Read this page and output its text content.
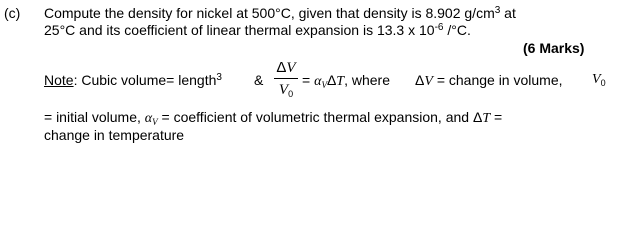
(c) Compute the density for nickel at 500°C, given that density is 8.902 $g/cm^3$ at
25°C and its coefficient of linear thermal expansion is 13.3 x $10^{-6}$ /°C.
(6 Marks)
Note: Cubic volume= length$^3$ &
ΔV
$V_0$
= $\alpha_V\Delta T$, where ΔV = change in volume, $V_0$
= initial volume, $\alpha_V$ = coefficient of volumetric thermal expansion, and ΔT =
change in temperature
